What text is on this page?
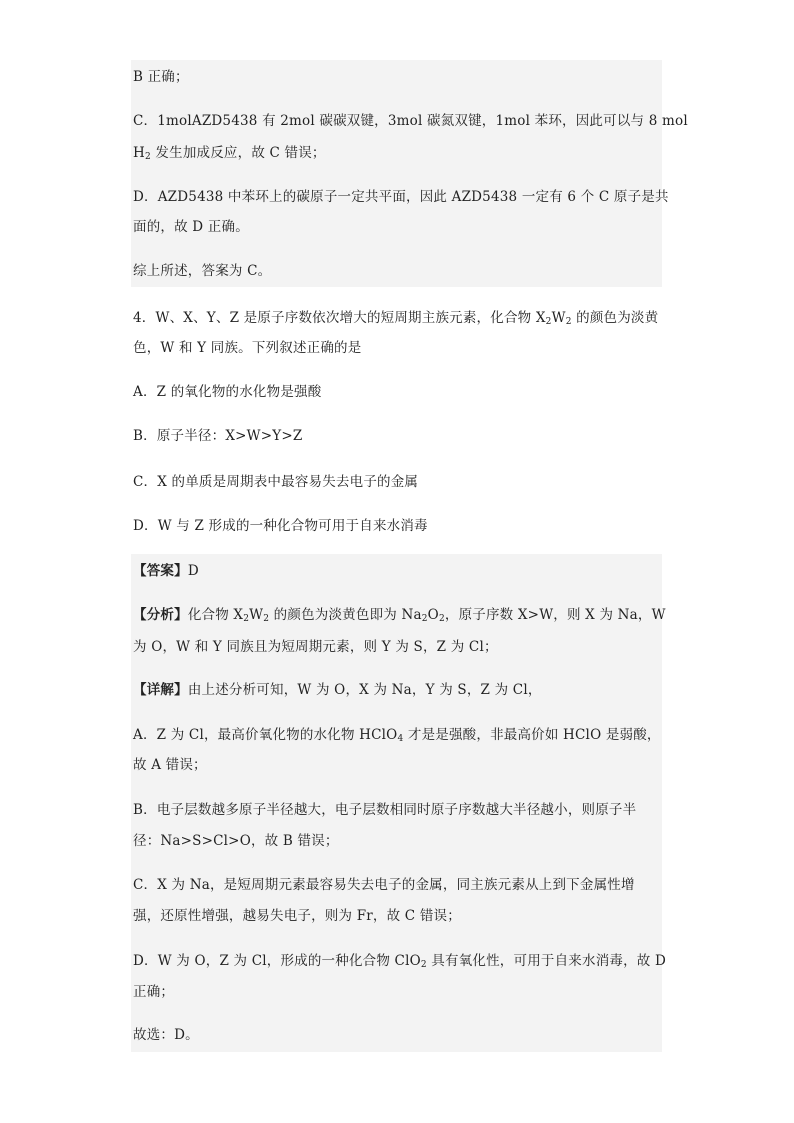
B 正确；
C．1molAZD5438 有 2mol 碳碳双键，3mol 碳氮双键，1mol 苯环，因此可以与 8 mol
$H_2$ 发生加成反应，故 C 错误；
D．AZD5438 中苯环上的碳原子一定共平面，因此 AZD5438 一定有 6 个 C 原子是共
面的，故 D 正确。
综上所述，答案为 C。
4．W、X、Y、Z 是原子序数依次增大的短周期主族元素，化合物 $X_2W_2$ 的颜色为淡黄
色，W 和 Y 同族。下列叙述正确的是
A．Z 的氧化物的水化物是强酸
B．原子半径：X>W>Y>Z
C．X 的单质是周期表中最容易失去电子的金属
D．W 与 Z 形成的一种化合物可用于自来水消毒
【答案】D
【分析】化合物 $X_2W_2$ 的颜色为淡黄色即为 $Na_2O_2$，原子序数 X>W，则 X 为 Na，W
为 O，W 和 Y 同族且为短周期元素，则 Y 为 S，Z 为 Cl；
【详解】由上述分析可知，W 为 O，X 为 Na，Y 为 S，Z 为 Cl，
A．Z 为 Cl，最高价氧化物的水化物 HClO$_4$ 才是是强酸，非最高价如 HClO 是弱酸，
故 A 错误；
B．电子层数越多原子半径越大，电子层数相同时原子序数越大半径越小，则原子半
径：Na>S>Cl>O，故 B 错误；
C．X 为 Na，是短周期元素最容易失去电子的金属，同主族元素从上到下金属性增
强，还原性增强，越易失电子，则为 Fr，故 C 错误；
D．W 为 O，Z 为 Cl，形成的一种化合物 ClO$_2$ 具有氧化性，可用于自来水消毒，故 D
正确；
故选：D。
